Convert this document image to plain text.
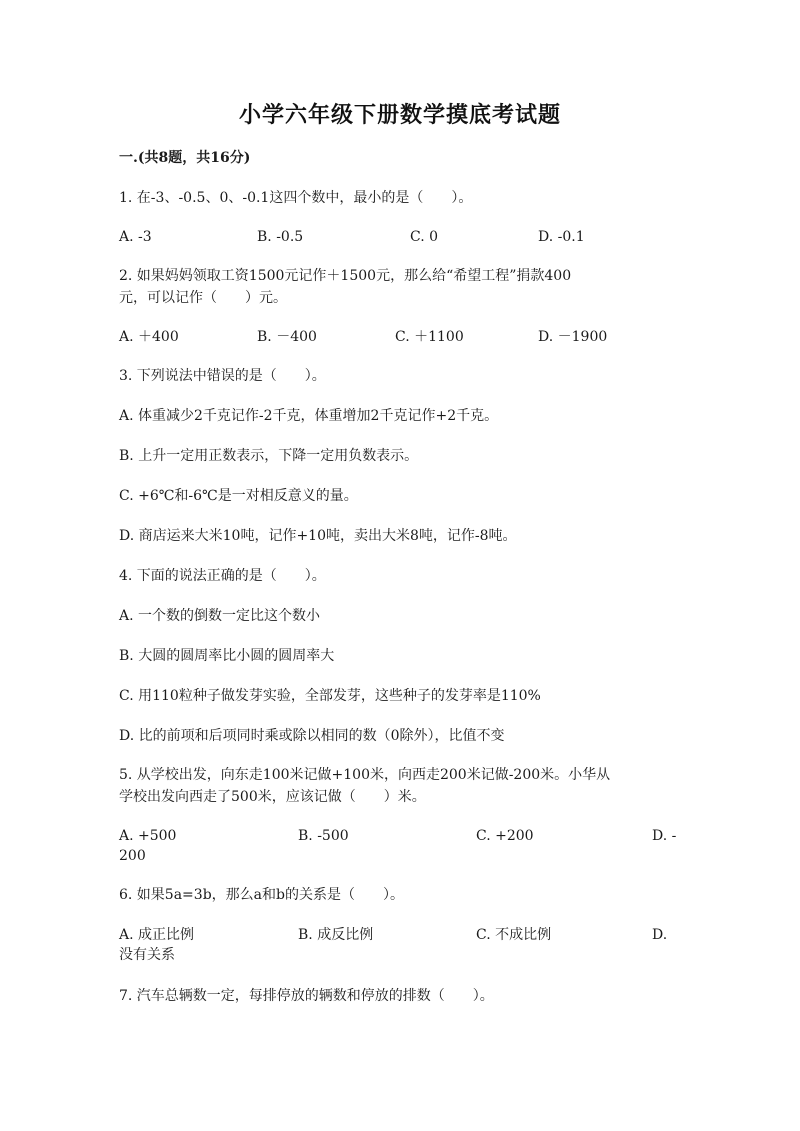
小学六年级下册数学摸底考试题
一.(共8题，共16分)
1. 在-3、-0.5、0、-0.1这四个数中，最小的是（　　）。
A. -3	B. -0.5	C. 0	D. -0.1
2. 如果妈妈领取工资1500元记作＋1500元，那么给“希望工程”捐款400
元，可以记作（　　）元。
A. ＋400	B. －400	C. ＋1100	D. －1900
3. 下列说法中错误的是（　　）。
A. 体重减少2千克记作-2千克，体重增加2千克记作+2千克。
B. 上升一定用正数表示，下降一定用负数表示。
C. +6℃和-6℃是一对相反意义的量。
D. 商店运来大米10吨，记作+10吨，卖出大米8吨，记作-8吨。
4. 下面的说法正确的是（　　）。
A. 一个数的倒数一定比这个数小
B. 大圆的圆周率比小圆的圆周率大
C. 用110粒种子做发芽实验，全部发芽，这些种子的发芽率是110%
D. 比的前项和后项同时乘或除以相同的数（0除外），比值不变
5. 从学校出发，向东走100米记做+100米，向西走200米记做-200米。小华从
学校出发向西走了500米，应该记做（　　）米。
A. +500	B. -500	C. +200	D. -
200
6. 如果5a=3b，那么a和b的关系是（　　）。
A. 成正比例	B. 成反比例	C. 不成比例	D.
没有关系
7. 汽车总辆数一定，每排停放的辆数和停放的排数（　　）。
